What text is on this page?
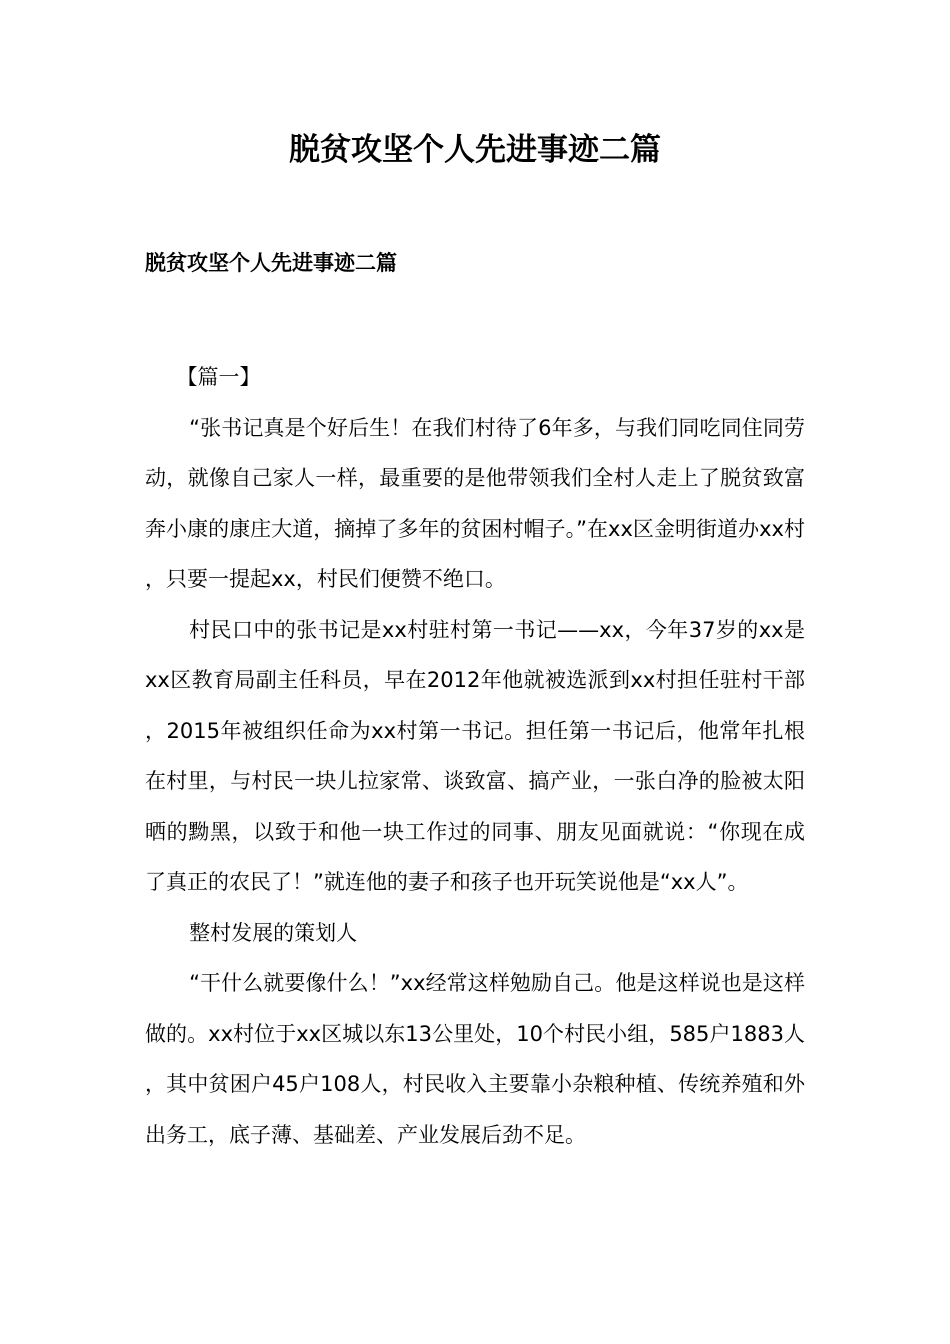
脱贫攻坚个人先进事迹二篇
脱贫攻坚个人先进事迹二篇

【篇一】

“张书记真是个好后生！在我们村待了6年多，与我们同吃同住同劳动，就像自己家人一样，最重要的是他带领我们全村人走上了脱贫致富奔小康的康庄大道，摘掉了多年的贫困村帽子。”在xx区金明街道办xx村，只要一提起xx，村民们便赞不绝口。

村民口中的张书记是xx村驻村第一书记——xx，今年37岁的xx是xx区教育局副主任科员，早在2012年他就被选派到xx村担任驻村干部，2015年被组织任命为xx村第一书记。担任第一书记后，他常年扎根在村里，与村民一块儿拉家常、谈致富、搞产业，一张白净的脸被太阳晒的黝黑，以致于和他一块工作过的同事、朋友见面就说：“你现在成了真正的农民了！”就连他的妻子和孩子也开玩笑说他是“xx人”。

整村发展的策划人

“干什么就要像什么！”xx经常这样勉励自己。他是这样说也是这样做的。xx村位于xx区城以东13公里处，10个村民小组，585户1883人，其中贫困户45户108人，村民收入主要靠小杂粮种植、传统养殖和外出务工，底子薄、基础差、产业发展后劲不足。
